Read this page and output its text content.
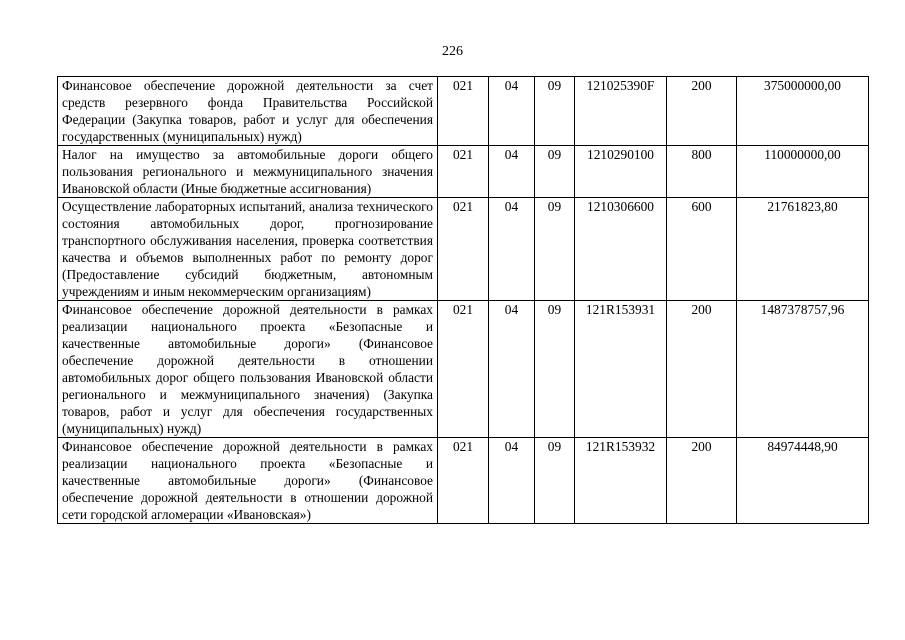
226
Финансовое обеспечение дорожной деятельности за счет средств резервного фонда Правительства Российской Федерации (Закупка товаров, работ и услуг для обеспечения государственных (муниципальных) нужд)	021	04	09	121025390F	200	375000000,00
Налог на имущество за автомобильные дороги общего пользования регионального и межмуниципального значения Ивановской области (Иные бюджетные ассигнования)	021	04	09	1210290100	800	110000000,00
Осуществление лабораторных испытаний, анализа технического состояния автомобильных дорог, прогнозирование транспортного обслуживания населения, проверка соответствия качества и объемов выполненных работ по ремонту дорог (Предоставление субсидий бюджетным, автономным учреждениям и иным некоммерческим организациям)	021	04	09	1210306600	600	21761823,80
Финансовое обеспечение дорожной деятельности в рамках реализации национального проекта «Безопасные и качественные автомобильные дороги» (Финансовое обеспечение дорожной деятельности в отношении автомобильных дорог общего пользования Ивановской области регионального и межмуниципального значения) (Закупка товаров, работ и услуг для обеспечения государственных (муниципальных) нужд)	021	04	09	121R153931	200	1487378757,96
Финансовое обеспечение дорожной деятельности в рамках реализации национального проекта «Безопасные и качественные автомобильные дороги» (Финансовое обеспечение дорожной деятельности в отношении дорожной сети городской агломерации «Ивановская»)	021	04	09	121R153932	200	84974448,90
